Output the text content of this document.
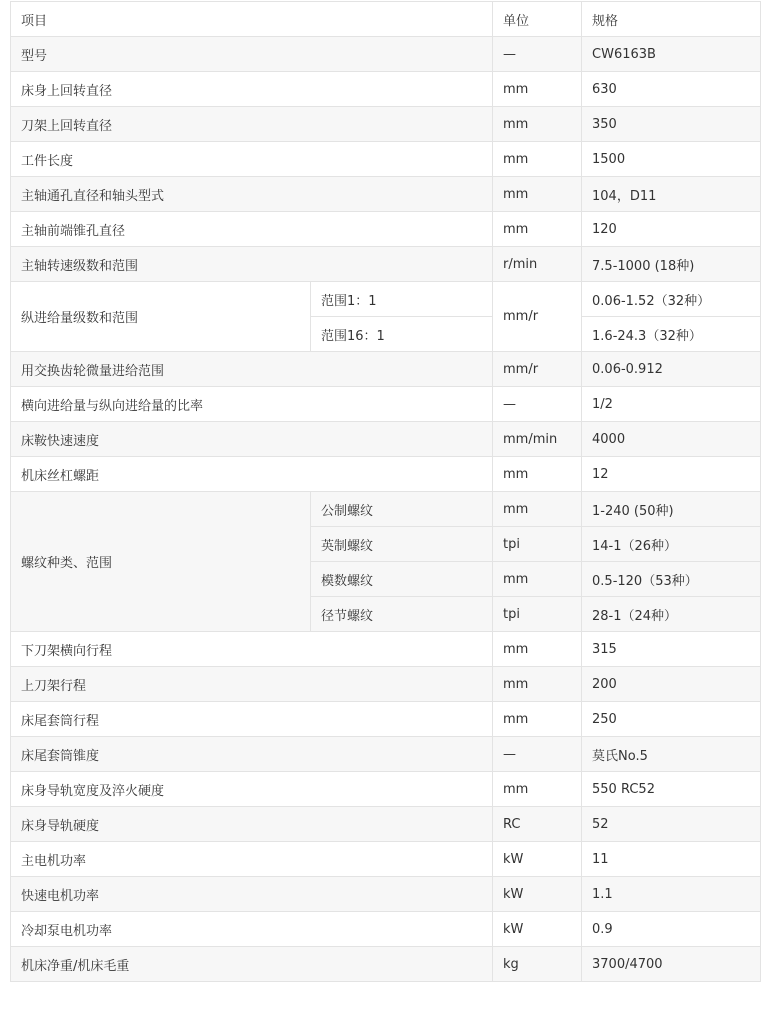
项目		单位	规格
型号		—	CW6163B
床身上回转直径		mm	630
刀架上回转直径		mm	350
工件长度		mm	1500
主轴通孔直径和轴头型式		mm	104，D11
主轴前端锥孔直径		mm	120
主轴转速级数和范围		r/min	7.5-1000 (18种)
纵进给量级数和范围	范围1：1	mm/r	0.06-1.52（32种）
	范围16：1		1.6-24.3（32种）
用交换齿轮微量进给范围		mm/r	0.06-0.912
横向进给量与纵向进给量的比率		—	1/2
床鞍快速速度		mm/min	4000
机床丝杠螺距		mm	12
螺纹种类、范围	公制螺纹	mm	1-240 (50种)
	英制螺纹	tpi	14-1（26种）
	模数螺纹	mm	0.5-120（53种）
	径节螺纹	tpi	28-1（24种）
下刀架横向行程		mm	315
上刀架行程		mm	200
床尾套筒行程		mm	250
床尾套筒锥度		—	莫氏No.5
床身导轨宽度及淬火硬度		mm	550 RC52
床身导轨硬度		RC	52
主电机功率		kW	11
快速电机功率		kW	1.1
冷却泵电机功率		kW	0.9
机床净重/机床毛重		kg	3700/4700
